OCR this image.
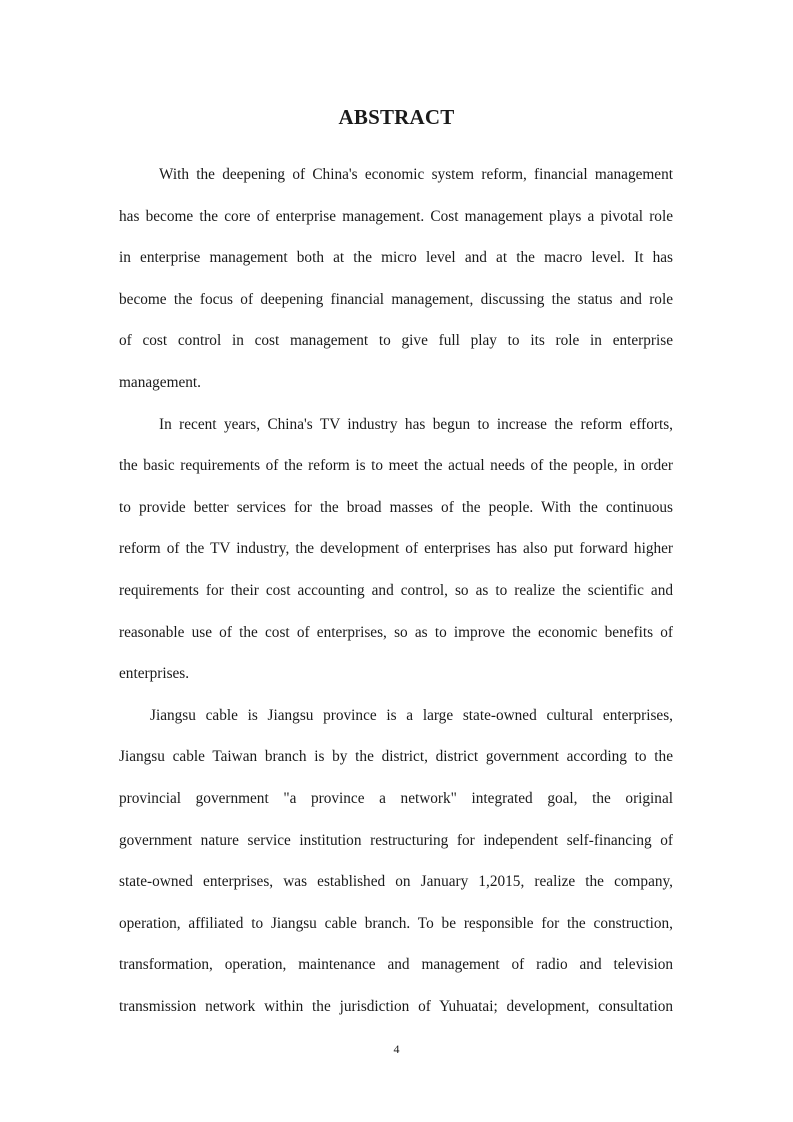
ABSTRACT
With the deepening of China's economic system reform, financial management
has become the core of enterprise management. Cost management plays a pivotal role
in enterprise management both at the micro level and at the macro level. It has
become the focus of deepening financial management, discussing the status and role
of cost control in cost management to give full play to its role in enterprise
management.
In recent years, China's TV industry has begun to increase the reform efforts,
the basic requirements of the reform is to meet the actual needs of the people, in order
to provide better services for the broad masses of the people. With the continuous
reform of the TV industry, the development of enterprises has also put forward higher
requirements for their cost accounting and control, so as to realize the scientific and
reasonable use of the cost of enterprises, so as to improve the economic benefits of
enterprises.
Jiangsu cable is Jiangsu province is a large state-owned cultural enterprises,
Jiangsu cable Taiwan branch is by the district, district government according to the
provincial government "a province a network" integrated goal, the original
government nature service institution restructuring for independent self-financing of
state-owned enterprises, was established on January 1,2015, realize the company,
operation, affiliated to Jiangsu cable branch. To be responsible for the construction,
transformation, operation, maintenance and management of radio and television
transmission network within the jurisdiction of Yuhuatai; development, consultation
4
